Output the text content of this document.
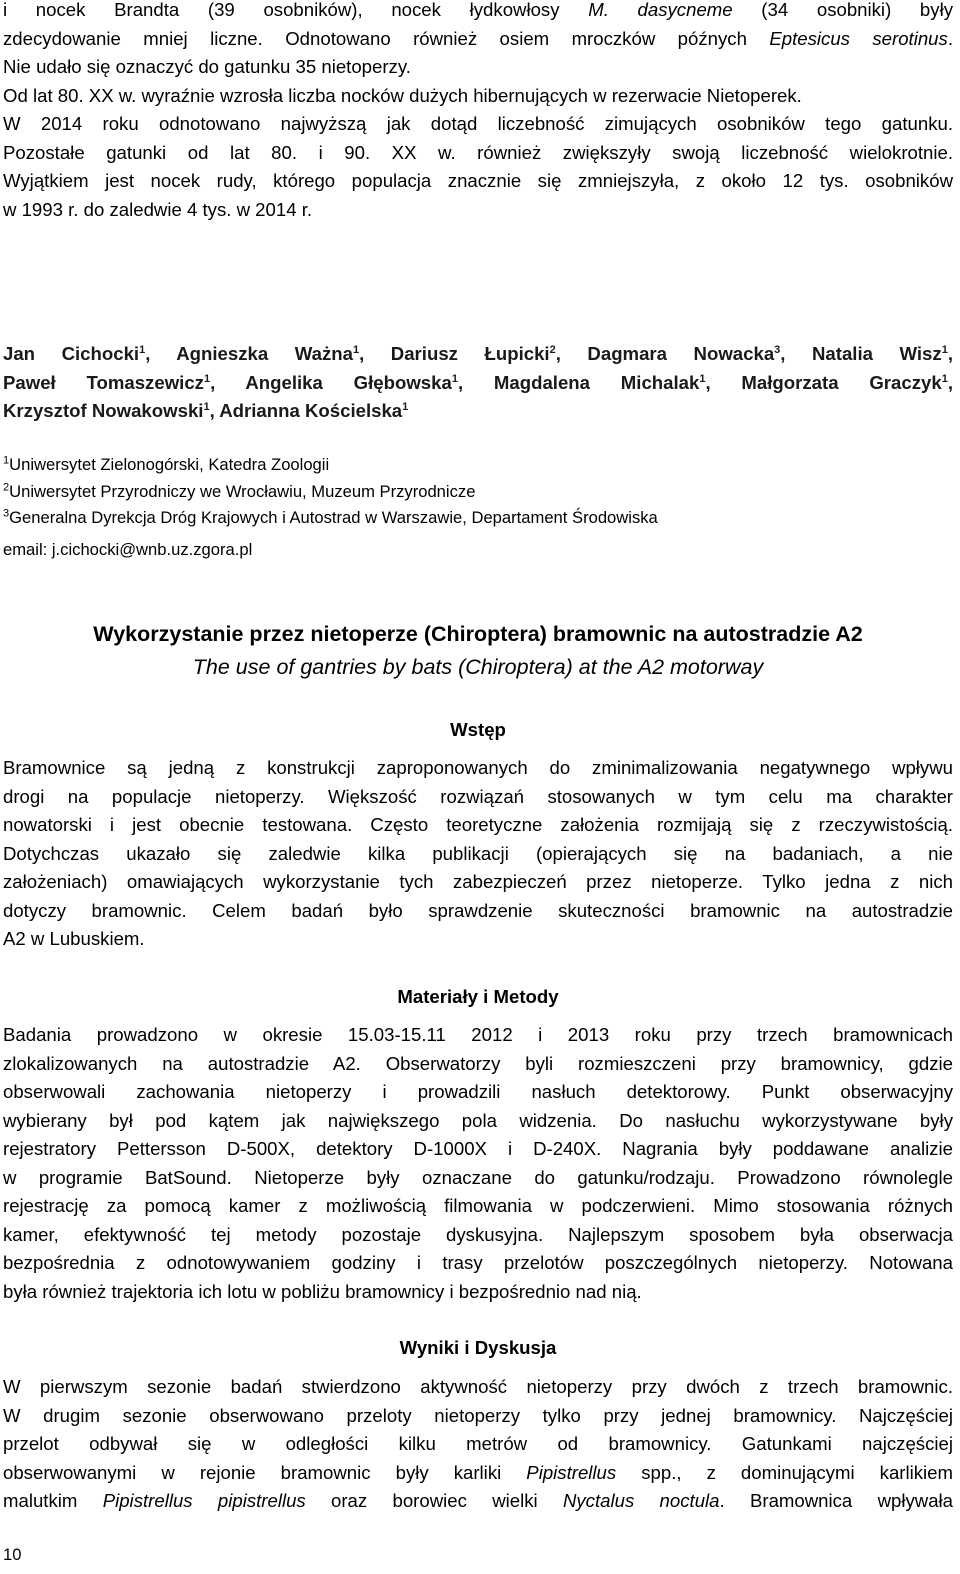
i nocek Brandta (39 osobników), nocek łydkowłosy M. dasycneme (34 osobniki) były
zdecydowanie mniej liczne. Odnotowano również osiem mroczków późnych Eptesicus serotinus.
Nie udało się oznaczyć do gatunku 35 nietoperzy.
Od lat 80. XX w. wyraźnie wzrosła liczba nocków dużych hibernujących w rezerwacie Nietoperek.
W 2014 roku odnotowano najwyższą jak dotąd liczebność zimujących osobników tego gatunku.
Pozostałe gatunki od lat 80. i 90. XX w. również zwiększyły swoją liczebność wielokrotnie.
Wyjątkiem jest nocek rudy, którego populacja znacznie się zmniejszyła, z około 12 tys. osobników
w 1993 r. do zaledwie 4 tys. w 2014 r.
Jan Cichocki$^1$, Agnieszka Ważna$^1$, Dariusz Łupicki$^2$, Dagmara Nowacka$^3$, Natalia Wisz$^1$,
Paweł Tomaszewicz$^1$, Angelika Głębowska$^1$, Magdalena Michalak$^1$, Małgorzata Graczyk$^1$,
Krzysztof Nowakowski$^1$, Adrianna Kościelska$^1$
$^1$Uniwersytet Zielonogórski, Katedra Zoologii
$^2$Uniwersytet Przyrodniczy we Wrocławiu, Muzeum Przyrodnicze
$^3$Generalna Dyrekcja Dróg Krajowych i Autostrad w Warszawie, Departament Środowiska
email: j.cichocki@wnb.uz.zgora.pl
Wykorzystanie przez nietoperze (Chiroptera) bramownic na autostradzie A2
The use of gantries by bats (Chiroptera) at the A2 motorway
Wstęp
Bramownice są jedną z konstrukcji zaproponowanych do zminimalizowania negatywnego wpływu
drogi na populacje nietoperzy. Większość rozwiązań stosowanych w tym celu ma charakter
nowatorski i jest obecnie testowana. Często teoretyczne założenia rozmijają się z rzeczywistością.
Dotychczas ukazało się zaledwie kilka publikacji (opierających się na badaniach, a nie
założeniach) omawiających wykorzystanie tych zabezpieczeń przez nietoperze. Tylko jedna z nich
dotyczy bramownic. Celem badań było sprawdzenie skuteczności bramownic na autostradzie
A2 w Lubuskiem.
Materiały i Metody
Badania prowadzono w okresie 15.03-15.11 2012 i 2013 roku przy trzech bramownicach
zlokalizowanych na autostradzie A2. Obserwatorzy byli rozmieszczeni przy bramownicy, gdzie
obserwowali zachowania nietoperzy i prowadzili nasłuch detektorowy. Punkt obserwacyjny
wybierany był pod kątem jak największego pola widzenia. Do nasłuchu wykorzystywane były
rejestratory Pettersson D-500X, detektory D-1000X i D-240X. Nagrania były poddawane analizie
w programie BatSound. Nietoperze były oznaczane do gatunku/rodzaju. Prowadzono równolegle
rejestrację za pomocą kamer z możliwością filmowania w podczerwieni. Mimo stosowania różnych
kamer, efektywność tej metody pozostaje dyskusyjna. Najlepszym sposobem była obserwacja
bezpośrednia z odnotowywaniem godziny i trasy przelotów poszczególnych nietoperzy. Notowana
była również trajektoria ich lotu w pobliżu bramownicy i bezpośrednio nad nią.
Wyniki i Dyskusja
W pierwszym sezonie badań stwierdzono aktywność nietoperzy przy dwóch z trzech bramownic.
W drugim sezonie obserwowano przeloty nietoperzy tylko przy jednej bramownicy. Najczęściej
przelot odbywał się w odległości kilku metrów od bramownicy. Gatunkami najczęściej
obserwowanymi w rejonie bramownic były karliki Pipistrellus spp., z dominującymi karlikiem
malutkim Pipistrellus pipistrellus oraz borowiec wielki Nyctalus noctula. Bramownica wpływała
10
